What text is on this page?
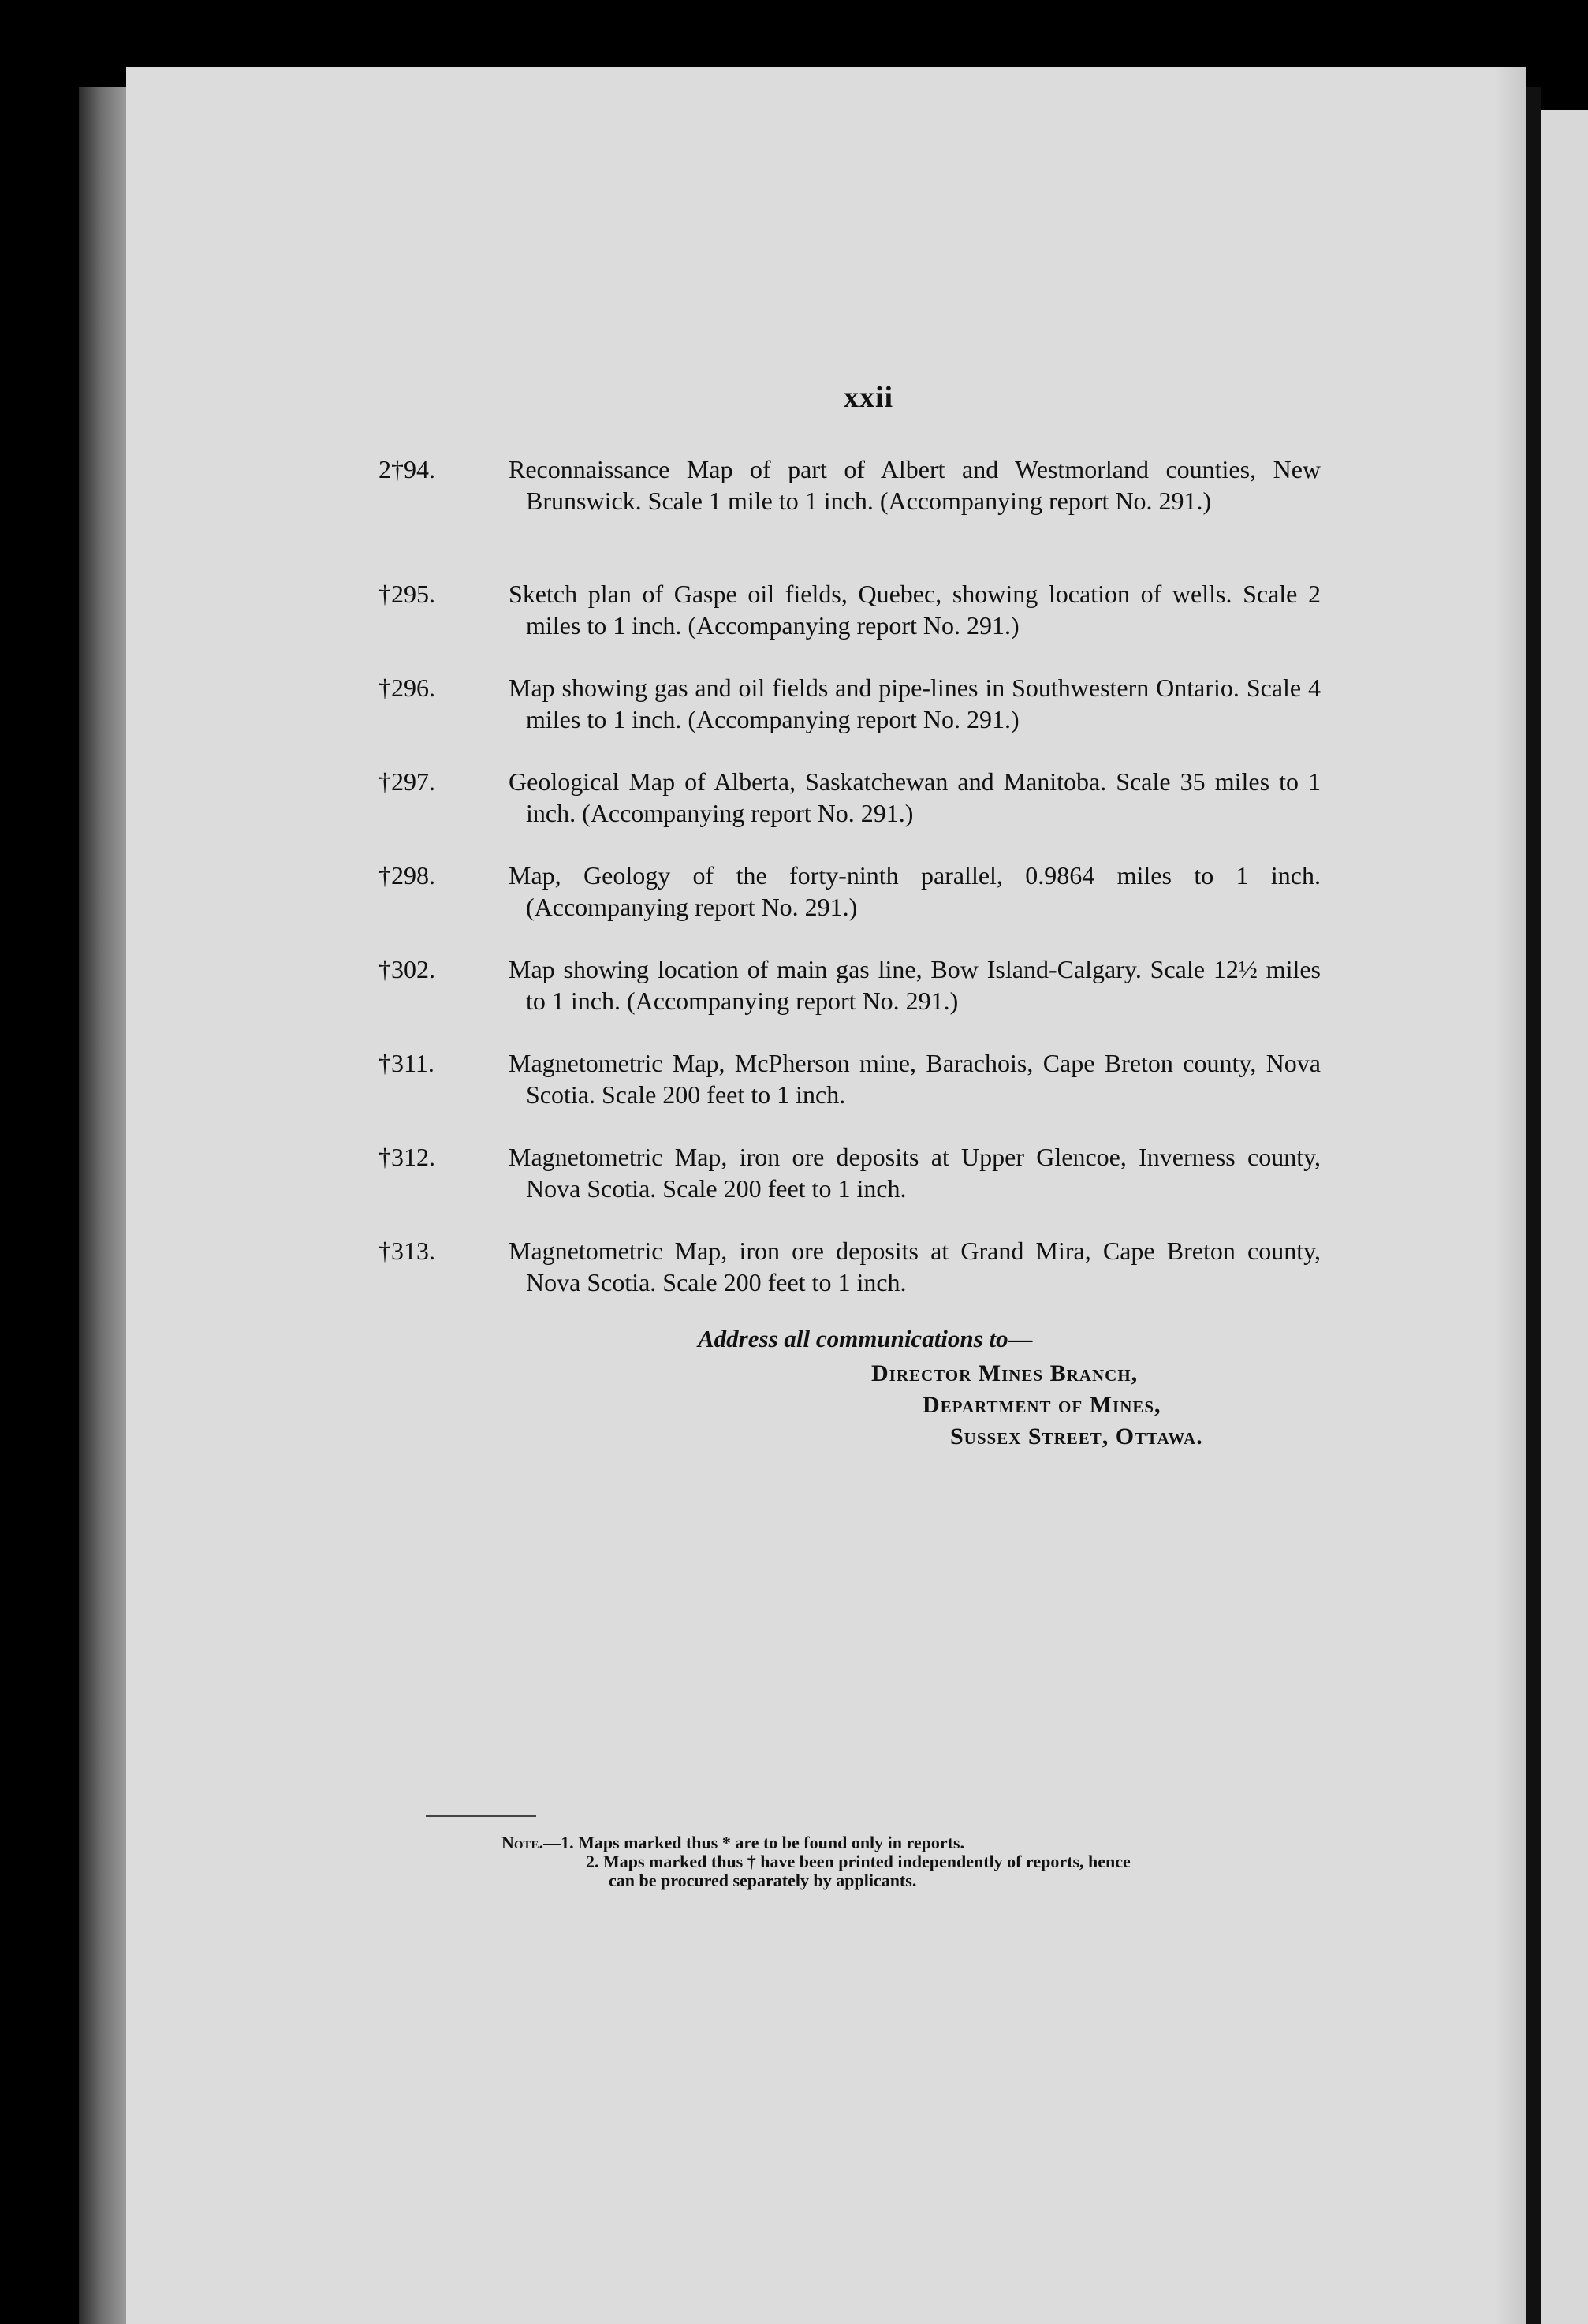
xxii
2†94.	Reconnaissance Map of part of Albert and Westmorland counties, New Brunswick. Scale 1 mile to 1 inch. (Accompanying report No. 291.)
†295.	Sketch plan of Gaspe oil fields, Quebec, showing location of wells. Scale 2 miles to 1 inch. (Accompanying report No. 291.)
†296.	Map showing gas and oil fields and pipe-lines in Southwestern Ontario. Scale 4 miles to 1 inch. (Accompanying report No. 291.)
†297.	Geological Map of Alberta, Saskatchewan and Manitoba. Scale 35 miles to 1 inch. (Accompanying report No. 291.)
†298.	Map, Geology of the forty-ninth parallel, 0.9864 miles to 1 inch. (Accompanying report No. 291.)
†302.	Map showing location of main gas line, Bow Island-Calgary. Scale 12½ miles to 1 inch. (Accompanying report No. 291.)
†311.	Magnetometric Map, McPherson mine, Barachois, Cape Breton county, Nova Scotia. Scale 200 feet to 1 inch.
†312.	Magnetometric Map, iron ore deposits at Upper Glencoe, Inverness county, Nova Scotia. Scale 200 feet to 1 inch.
†313.	Magnetometric Map, iron ore deposits at Grand Mira, Cape Breton county, Nova Scotia. Scale 200 feet to 1 inch.
Address all communications to—
Director Mines Branch,
Department of Mines,
Sussex Street, Ottawa.
Note.—1. Maps marked thus * are to be found only in reports.
2. Maps marked thus † have been printed independently of reports, hence
can be procured separately by applicants.
